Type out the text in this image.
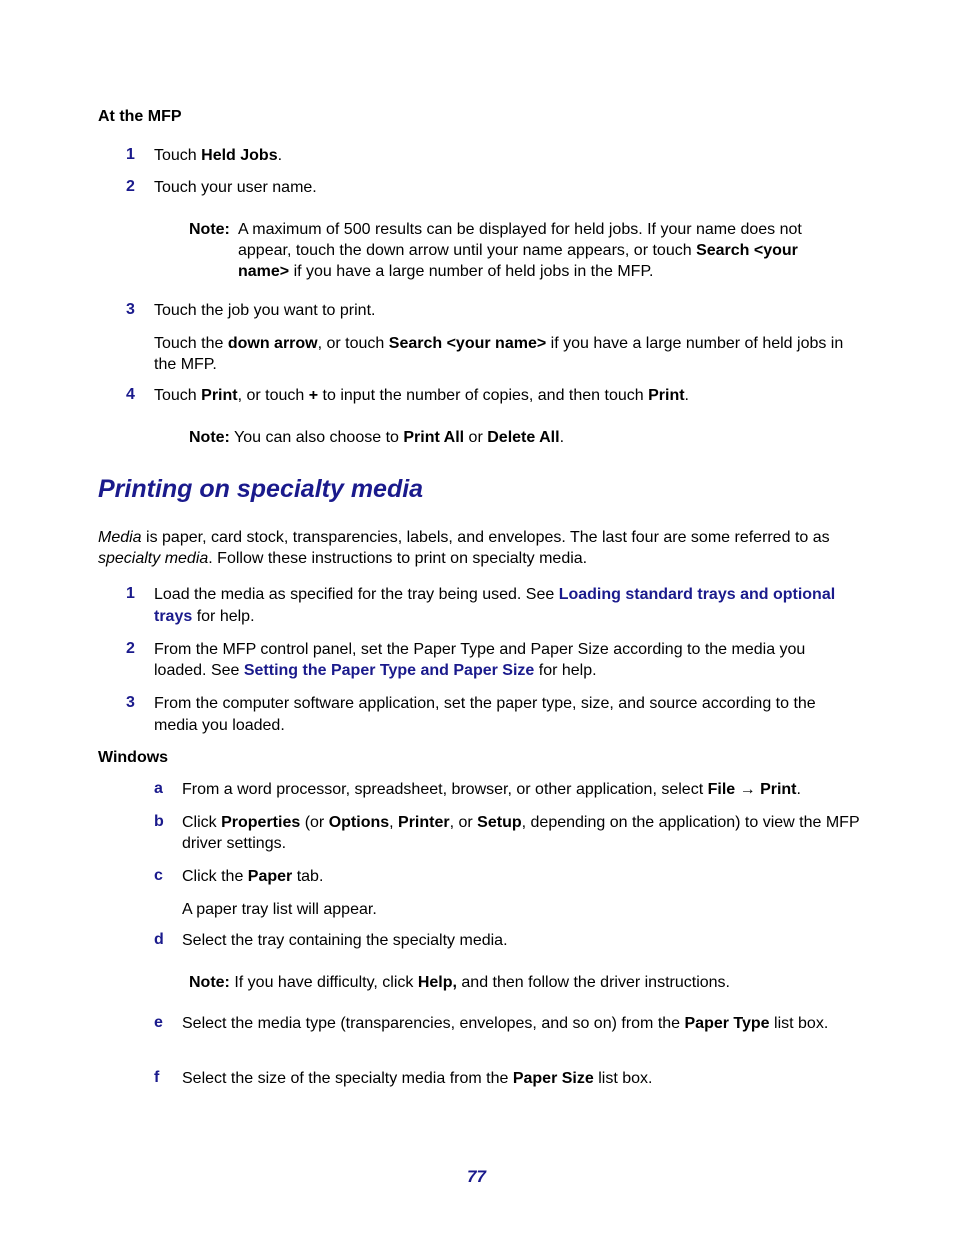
At the MFP
1 Touch Held Jobs.
2 Touch your user name.
Note: A maximum of 500 results can be displayed for held jobs. If your name does not appear, touch the down arrow until your name appears, or touch Search <your name> if you have a large number of held jobs in the MFP.
3 Touch the job you want to print.
Touch the down arrow, or touch Search <your name> if you have a large number of held jobs in the MFP.
4 Touch Print, or touch + to input the number of copies, and then touch Print.
Note: You can also choose to Print All or Delete All.
Printing on specialty media
Media is paper, card stock, transparencies, labels, and envelopes. The last four are some referred to as specialty media. Follow these instructions to print on specialty media.
1 Load the media as specified for the tray being used. See Loading standard trays and optional trays for help.
2 From the MFP control panel, set the Paper Type and Paper Size according to the media you loaded. See Setting the Paper Type and Paper Size for help.
3 From the computer software application, set the paper type, size, and source according to the media you loaded.
Windows
a From a word processor, spreadsheet, browser, or other application, select File → Print.
b Click Properties (or Options, Printer, or Setup, depending on the application) to view the MFP driver settings.
c Click the Paper tab.
A paper tray list will appear.
d Select the tray containing the specialty media.
Note: If you have difficulty, click Help, and then follow the driver instructions.
e Select the media type (transparencies, envelopes, and so on) from the Paper Type list box.
f Select the size of the specialty media from the Paper Size list box.
77
